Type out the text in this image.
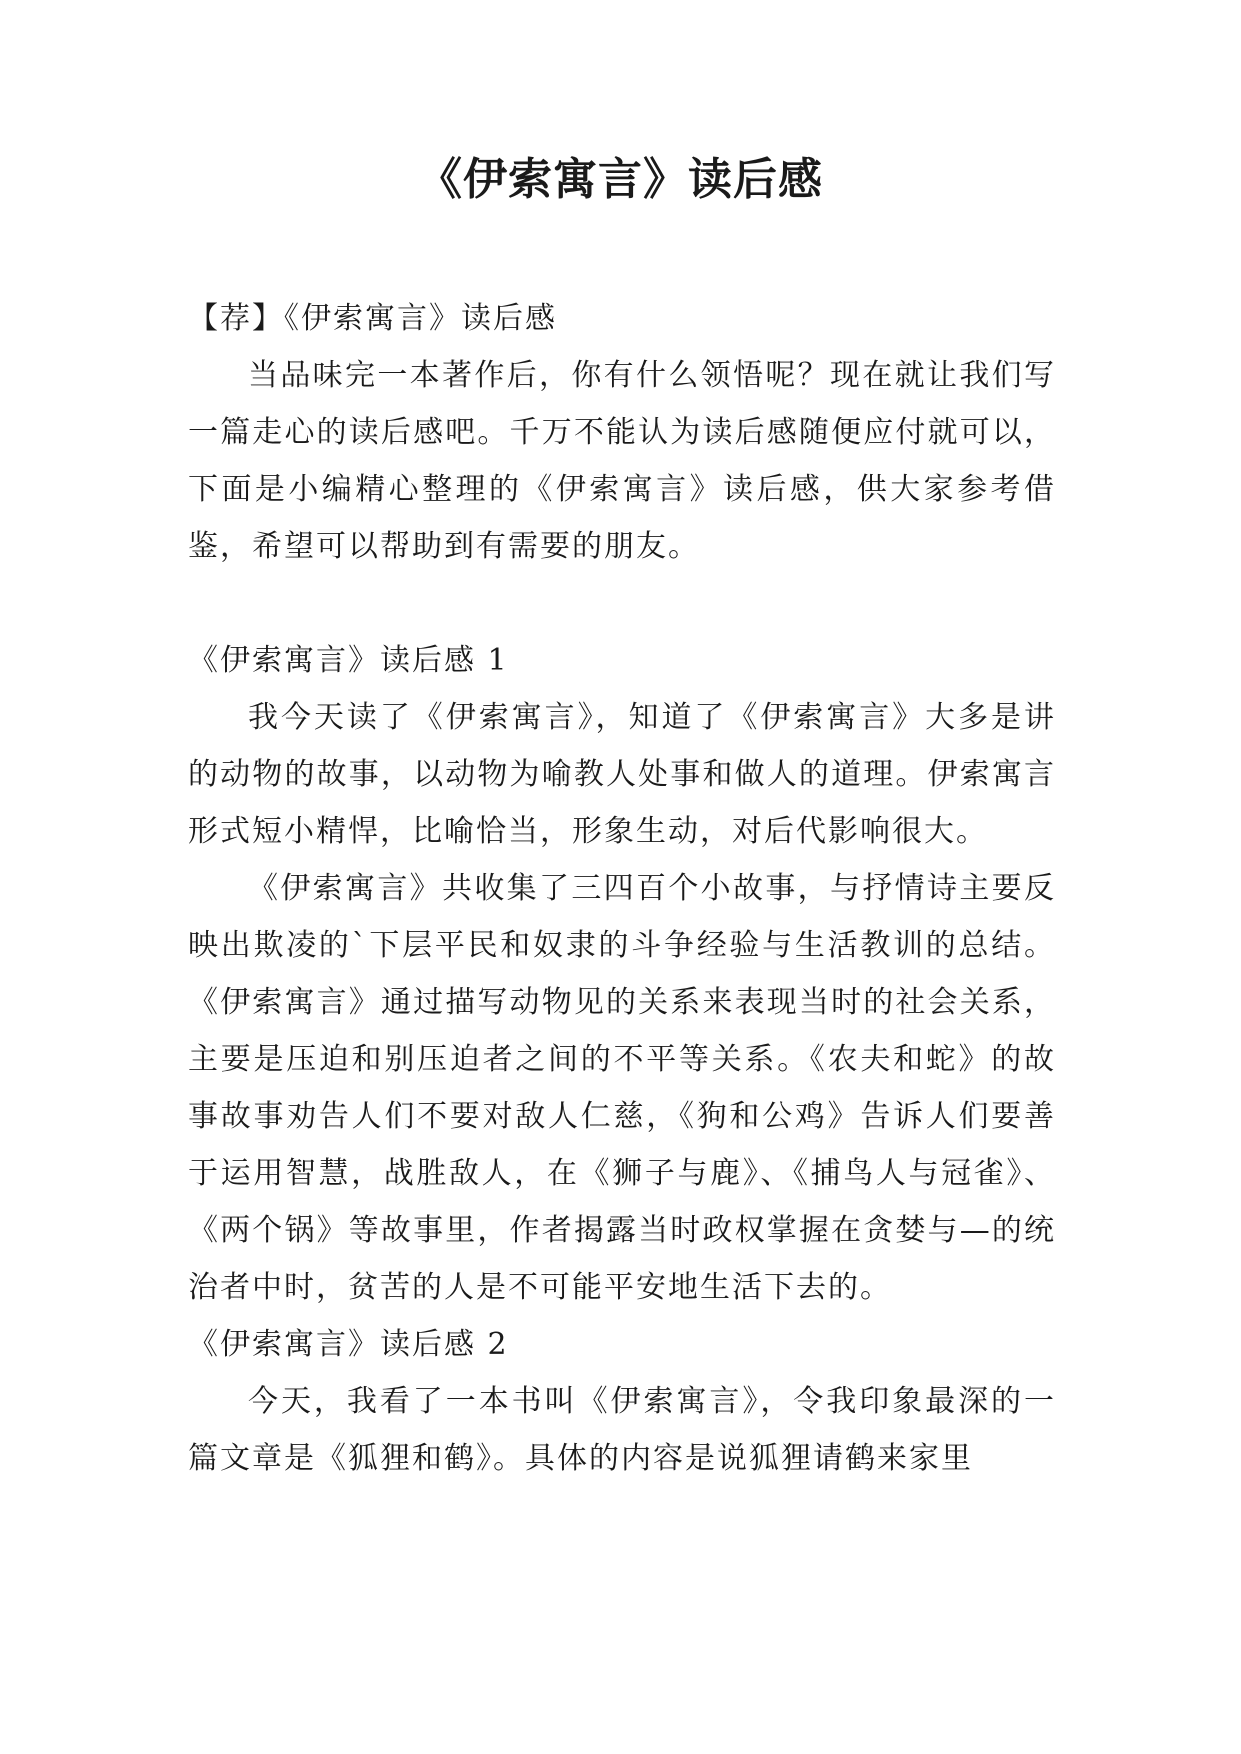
《伊索寓言》读后感

【荐】《伊索寓言》读后感

当品味完一本著作后，你有什么领悟呢？现在就让我们写一篇走心的读后感吧。千万不能认为读后感随便应付就可以，下面是小编精心整理的《伊索寓言》读后感，供大家参考借鉴，希望可以帮助到有需要的朋友。

《伊索寓言》读后感 1

我今天读了《伊索寓言》，知道了《伊索寓言》大多是讲的动物的故事，以动物为喻教人处事和做人的道理。伊索寓言形式短小精悍，比喻恰当，形象生动，对后代影响很大。

《伊索寓言》共收集了三四百个小故事，与抒情诗主要反映出欺凌的`下层平民和奴隶的斗争经验与生活教训的总结。《伊索寓言》通过描写动物见的关系来表现当时的社会关系，主要是压迫和别压迫者之间的不平等关系。《农夫和蛇》的故事故事劝告人们不要对敌人仁慈，《狗和公鸡》告诉人们要善于运用智慧，战胜敌人，在《狮子与鹿》、《捕鸟人与冠雀》、《两个锅》等故事里，作者揭露当时政权掌握在贪婪与—的统治者中时，贫苦的人是不可能平安地生活下去的。

《伊索寓言》读后感 2

今天，我看了一本书叫《伊索寓言》，令我印象最深的一篇文章是《狐狸和鹤》。具体的内容是说狐狸请鹤来家里
